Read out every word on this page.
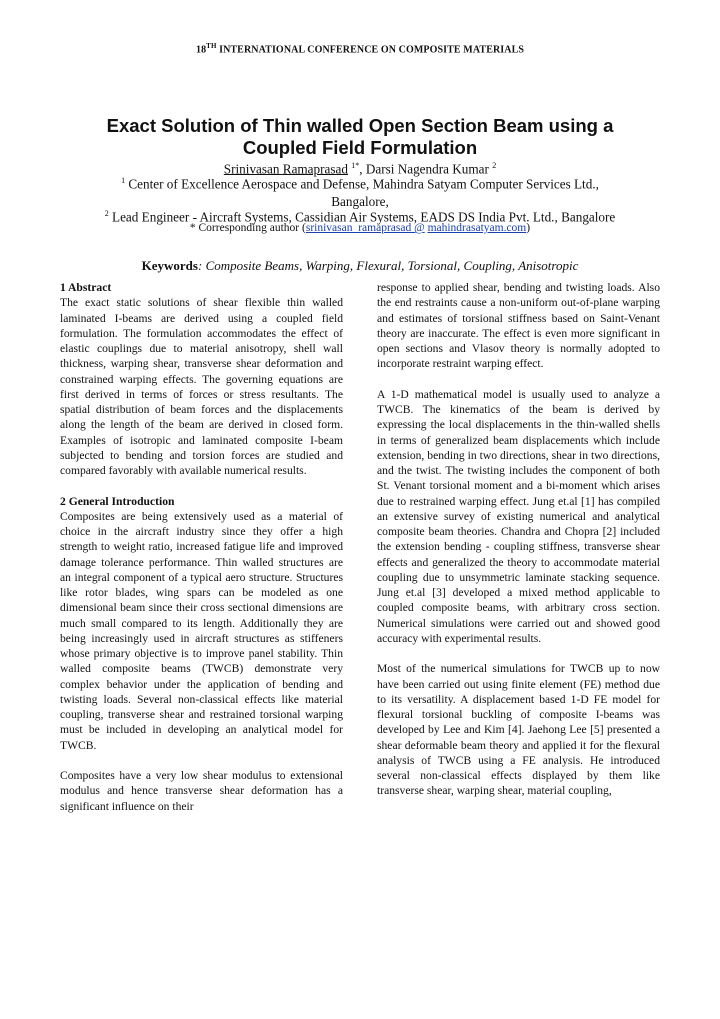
18TH INTERNATIONAL CONFERENCE ON COMPOSITE MATERIALS
Exact Solution of Thin walled Open Section Beam using a
Coupled Field Formulation
Srinivasan Ramaprasad $^{1*}$, Darsi Nagendra Kumar $^2$
$^1$ Center of Excellence Aerospace and Defense, Mahindra Satyam Computer Services Ltd.,
Bangalore,
$^2$ Lead Engineer - Aircraft Systems, Cassidian Air Systems, EADS DS India Pvt. Ltd., Bangalore
* Corresponding author (srinivasan_ramaprasad @ mahindrasatyam.com)
Keywords: Composite Beams, Warping, Flexural, Torsional, Coupling, Anisotropic
1 Abstract

The exact static solutions of shear flexible thin walled laminated I-beams are derived using a coupled field formulation. The formulation accommodates the effect of elastic couplings due to material anisotropy, shell wall thickness, warping shear, transverse shear deformation and constrained warping effects. The governing equations are first derived in terms of forces or stress resultants. The spatial distribution of beam forces and the displacements along the length of the beam are derived in closed form. Examples of isotropic and laminated composite I-beam subjected to bending and torsion forces are studied and compared favorably with available numerical results.

2 General Introduction

Composites are being extensively used as a material of choice in the aircraft industry since they offer a high strength to weight ratio, increased fatigue life and improved damage tolerance performance. Thin walled structures are an integral component of a typical aero structure. Structures like rotor blades, wing spars can be modeled as one dimensional beam since their cross sectional dimensions are much small compared to its length. Additionally they are being increasingly used in aircraft structures as stiffeners whose primary objective is to improve panel stability. Thin walled composite beams (TWCB) demonstrate very complex behavior under the application of bending and twisting loads. Several non-classical effects like material coupling, transverse shear and restrained torsional warping must be included in developing an analytical model for TWCB.

Composites have a very low shear modulus to extensional modulus and hence transverse shear deformation has a significant influence on their

response to applied shear, bending and twisting loads. Also the end restraints cause a non-uniform out-of-plane warping and estimates of torsional stiffness based on Saint-Venant theory are inaccurate. The effect is even more significant in open sections and Vlasov theory is normally adopted to incorporate restraint warping effect.

A 1-D mathematical model is usually used to analyze a TWCB. The kinematics of the beam is derived by expressing the local displacements in the thin-walled shells in terms of generalized beam displacements which include extension, bending in two directions, shear in two directions, and the twist. The twisting includes the component of both St. Venant torsional moment and a bi-moment which arises due to restrained warping effect. Jung et.al [1] has compiled an extensive survey of existing numerical and analytical composite beam theories. Chandra and Chopra [2] included the extension bending - coupling stiffness, transverse shear effects and generalized the theory to accommodate material coupling due to unsymmetric laminate stacking sequence. Jung et.al [3] developed a mixed method applicable to coupled composite beams, with arbitrary cross section. Numerical simulations were carried out and showed good accuracy with experimental results.

Most of the numerical simulations for TWCB up to now have been carried out using finite element (FE) method due to its versatility. A displacement based 1-D FE model for flexural torsional buckling of composite I-beams was developed by Lee and Kim [4]. Jaehong Lee [5] presented a shear deformable beam theory and applied it for the flexural analysis of TWCB using a FE analysis. He introduced several non-classical effects displayed by them like transverse shear, warping shear, material coupling,
